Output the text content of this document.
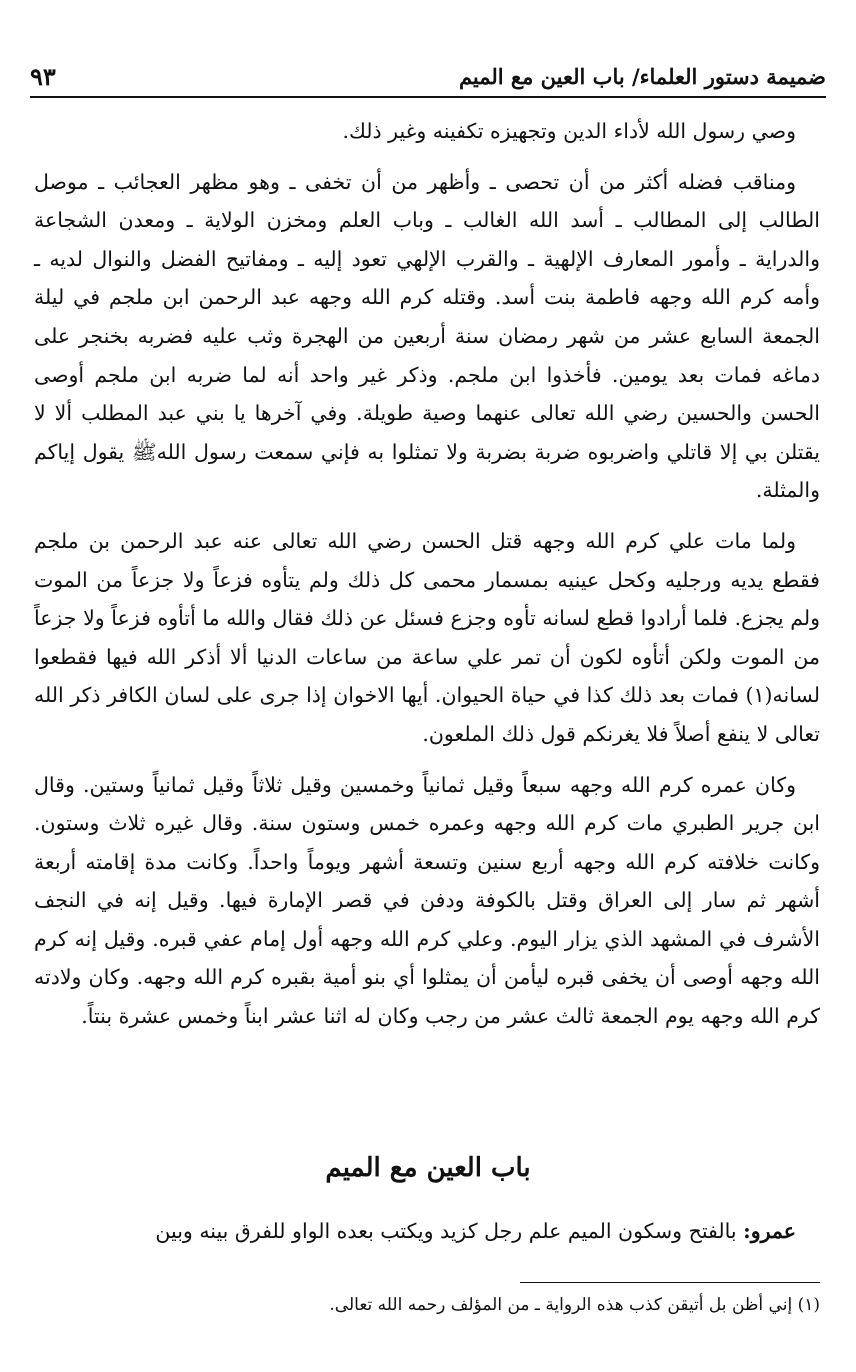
ضميمة دستور العلماء/ باب العين مع الميم
٩٣

وصي رسول الله لأداء الدين وتجهيزه تكفينه وغير ذلك.

ومناقب فضله أكثر من أن تحصى ـ وأظهر من أن تخفى ـ وهو مظهر العجائب ـ موصل الطالب إلى المطالب ـ أسد الله الغالب ـ وباب العلم ومخزن الولاية ـ ومعدن الشجاعة والدراية ـ وأمور المعارف الإلهية ـ والقرب الإلهي تعود إليه ـ ومفاتيح الفضل والنوال لديه ـ وأمه كرم الله وجهه فاطمة بنت أسد. وقتله كرم الله وجهه عبد الرحمن ابن ملجم في ليلة الجمعة السابع عشر من شهر رمضان سنة أربعين من الهجرة وثب عليه فضربه بخنجر على دماغه فمات بعد يومين. فأخذوا ابن ملجم. وذكر غير واحد أنه لما ضربه ابن ملجم أوصى الحسن والحسين رضي الله تعالى عنهما وصية طويلة. وفي آخرها يا بني عبد المطلب ألا لا يقتلن بي إلا قاتلي واضربوه ضربة بضربة ولا تمثلوا به فإني سمعت رسول اللهﷺ يقول إياكم والمثلة.

ولما مات علي كرم الله وجهه قتل الحسن رضي الله تعالى عنه عبد الرحمن بن ملجم فقطع يديه ورجليه وكحل عينيه بمسمار محمى كل ذلك ولم يتأوه فزعاً ولا جزعاً من الموت ولم يجزع. فلما أرادوا قطع لسانه تأوه وجزع فسئل عن ذلك فقال والله ما أتأوه فزعاً ولا جزعاً من الموت ولكن أتأوه لكون أن تمر علي ساعة من ساعات الدنيا ألا أذكر الله فيها فقطعوا لسانه(١) فمات بعد ذلك كذا في حياة الحيوان. أيها الاخوان إذا جرى على لسان الكافر ذكر الله تعالى لا ينفع أصلاً فلا يغرنكم قول ذلك الملعون.

وكان عمره كرم الله وجهه سبعاً وقيل ثمانياً وخمسين وقيل ثلاثاً وقيل ثمانياً وستين. وقال ابن جرير الطبري مات كرم الله وجهه وعمره خمس وستون سنة. وقال غيره ثلاث وستون. وكانت خلافته كرم الله وجهه أربع سنين وتسعة أشهر ويوماً واحداً. وكانت مدة إقامته أربعة أشهر ثم سار إلى العراق وقتل بالكوفة ودفن في قصر الإمارة فيها. وقيل إنه في النجف الأشرف في المشهد الذي يزار اليوم. وعلي كرم الله وجهه أول إمام عفي قبره. وقيل إنه كرم الله وجهه أوصى أن يخفى قبره ليأمن أن يمثلوا أي بنو أمية بقبره كرم الله وجهه. وكان ولادته كرم الله وجهه يوم الجمعة ثالث عشر من رجب وكان له اثنا عشر ابناً وخمس عشرة بنتاً.

باب العين مع الميم
عمرو: بالفتح وسكون الميم علم رجل كزيد ويكتب بعده الواو للفرق بينه وبين
(١) إني أظن بل أتيقن كذب هذه الرواية ـ من المؤلف رحمه الله تعالى.
